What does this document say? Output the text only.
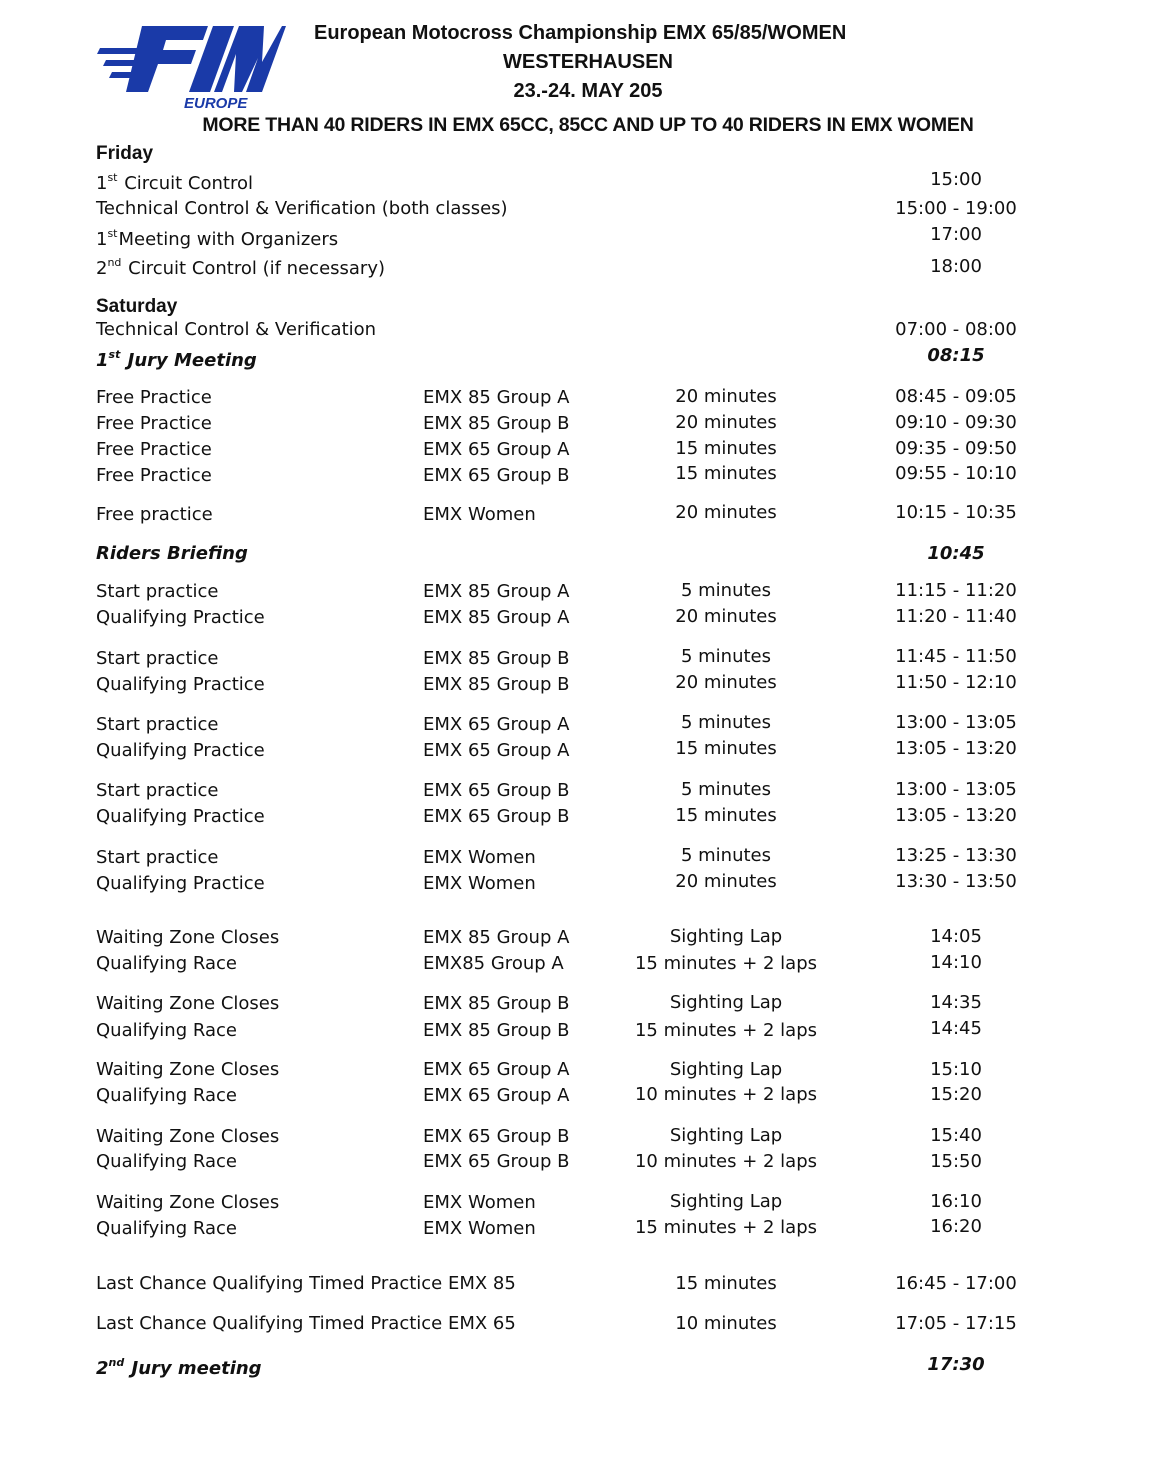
EUROPE
European Motocross Championship EMX 65/85/WOMEN
WESTERHAUSEN
23.-24. MAY 205
MORE THAN 40 RIDERS IN EMX 65CC, 85CC AND UP TO 40 RIDERS IN EMX WOMEN
Friday
1st Circuit Control	15:00
Technical Control & Verification (both classes)	15:00 - 19:00
1stMeeting with Organizers	17:00
2nd Circuit Control (if necessary)	18:00
Saturday
Technical Control & Verification	07:00 - 08:00
1st Jury Meeting	08:15
Free Practice	EMX 85 Group A	20 minutes	08:45 - 09:05
Free Practice	EMX 85 Group B	20 minutes	09:10 - 09:30
Free Practice	EMX 65 Group A	15 minutes	09:35 - 09:50
Free Practice	EMX 65 Group B	15 minutes	09:55 - 10:10
Free practice	EMX Women	20 minutes	10:15 - 10:35
Riders Briefing	10:45
Start practice	EMX 85 Group A	5 minutes	11:15 - 11:20
Qualifying Practice	EMX 85 Group A	20 minutes	11:20 - 11:40
Start practice	EMX 85 Group B	5 minutes	11:45 - 11:50
Qualifying Practice	EMX 85 Group B	20 minutes	11:50 - 12:10
Start practice	EMX 65 Group A	5 minutes	13:00 - 13:05
Qualifying Practice	EMX 65 Group A	15 minutes	13:05 - 13:20
Start practice	EMX 65 Group B	5 minutes	13:00 - 13:05
Qualifying Practice	EMX 65 Group B	15 minutes	13:05 - 13:20
Start practice	EMX Women	5 minutes	13:25 - 13:30
Qualifying Practice	EMX Women	20 minutes	13:30 - 13:50
Waiting Zone Closes	EMX 85 Group A	Sighting Lap	14:05
Qualifying Race	EMX85 Group A	15 minutes + 2 laps	14:10
Waiting Zone Closes	EMX 85 Group B	Sighting Lap	14:35
Qualifying Race	EMX 85 Group B	15 minutes + 2 laps	14:45
Waiting Zone Closes	EMX 65 Group A	Sighting Lap	15:10
Qualifying Race	EMX 65 Group A	10 minutes + 2 laps	15:20
Waiting Zone Closes	EMX 65 Group B	Sighting Lap	15:40
Qualifying Race	EMX 65 Group B	10 minutes + 2 laps	15:50
Waiting Zone Closes	EMX Women	Sighting Lap	16:10
Qualifying Race	EMX Women	15 minutes + 2 laps	16:20
Last Chance Qualifying Timed Practice EMX 85	15 minutes	16:45 - 17:00
Last Chance Qualifying Timed Practice EMX 65	10 minutes	17:05 - 17:15
2nd Jury meeting	17:30
